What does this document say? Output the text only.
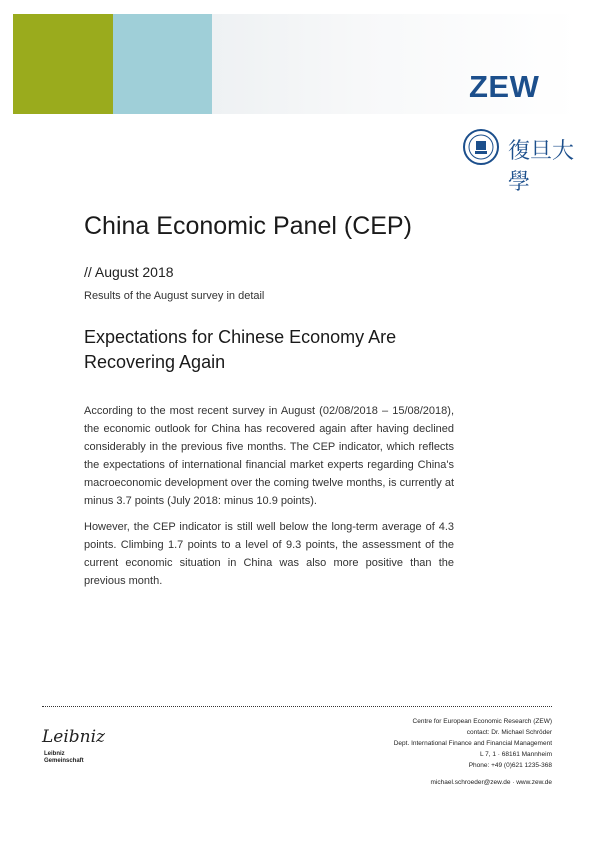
ZEW
復旦大學
China Economic Panel (CEP)
// August 2018
Results of the August survey in detail
Expectations for Chinese Economy Are Recovering Again

According to the most recent survey in August (02/08/2018 – 15/08/2018), the economic outlook for China has recovered again after having declined considerably in the previous five months. The CEP indicator, which reflects the expectations of international financial market experts regarding China's macroeconomic development over the coming twelve months, is currently at minus 3.7 points (July 2018: minus 10.9 points).

However, the CEP indicator is still well below the long-term average of 4.3 points. Climbing 1.7 points to a level of 9.3 points, the assessment of the current economic situation in China was also more positive than the previous month.

Leibniz
Leibniz
Gemeinschaft
Centre for European Economic Research (ZEW)
contact: Dr. Michael Schröder
Dept. International Finance and Financial Management
L 7, 1 · 68161 Mannheim
Phone: +49 (0)621 1235-368
michael.schroeder@zew.de · www.zew.de
